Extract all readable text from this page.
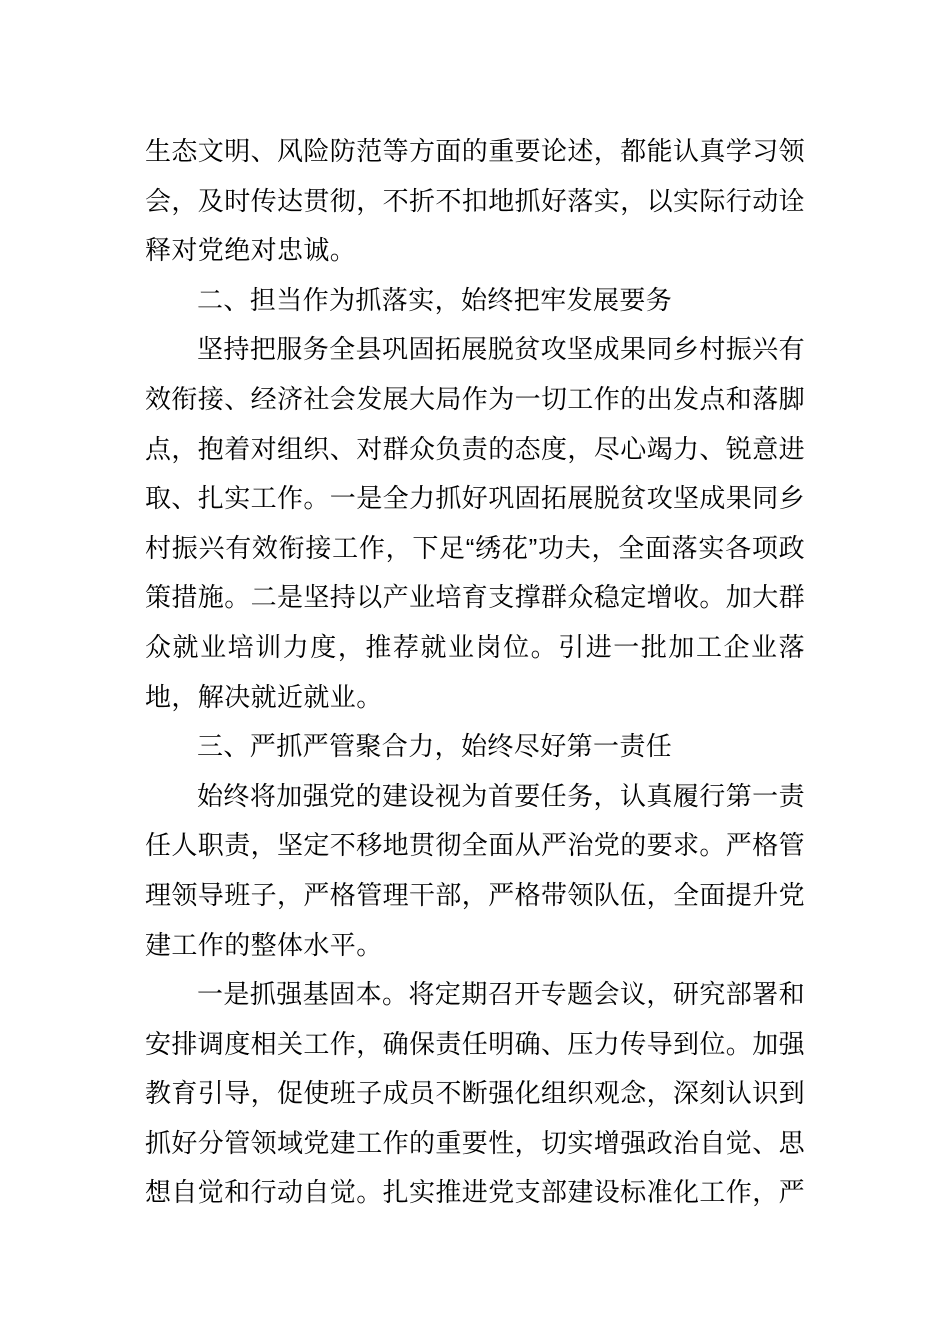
生态文明、风险防范等方面的重要论述，都能认真学习领会，及时传达贯彻，不折不扣地抓好落实，以实际行动诠释对党绝对忠诚。

二、担当作为抓落实，始终把牢发展要务

坚持把服务全县巩固拓展脱贫攻坚成果同乡村振兴有效衔接、经济社会发展大局作为一切工作的出发点和落脚点，抱着对组织、对群众负责的态度，尽心竭力、锐意进取、扎实工作。一是全力抓好巩固拓展脱贫攻坚成果同乡村振兴有效衔接工作，下足“绣花”功夫，全面落实各项政策措施。二是坚持以产业培育支撑群众稳定增收。加大群众就业培训力度，推荐就业岗位。引进一批加工企业落地，解决就近就业。

三、严抓严管聚合力，始终尽好第一责任

始终将加强党的建设视为首要任务，认真履行第一责任人职责，坚定不移地贯彻全面从严治党的要求。严格管理领导班子，严格管理干部，严格带领队伍，全面提升党建工作的整体水平。

一是抓强基固本。将定期召开专题会议，研究部署和安排调度相关工作，确保责任明确、压力传导到位。加强教育引导，促使班子成员不断强化组织观念，深刻认识到抓好分管领域党建工作的重要性，切实增强政治自觉、思想自觉和行动自觉。扎实推进党支部建设标准化工作，严
